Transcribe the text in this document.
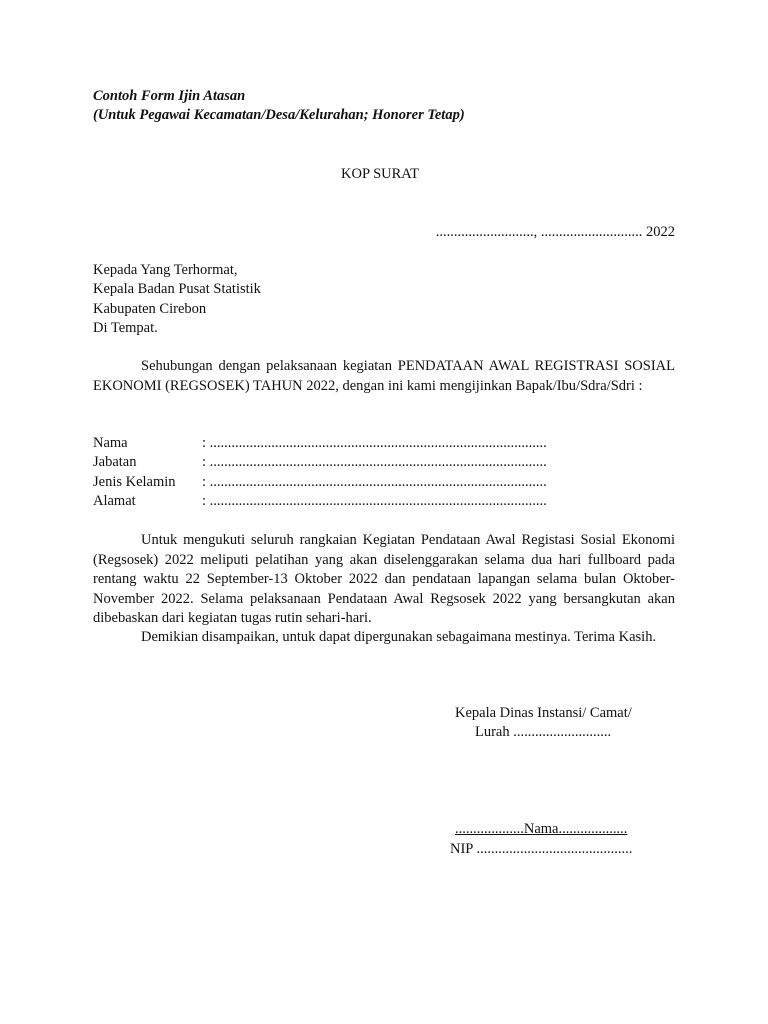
Contoh Form Ijin Atasan
(Untuk Pegawai Kecamatan/Desa/Kelurahan; Honorer Tetap)
KOP SURAT
..........................., ............................ 2022
Kepada Yang Terhormat,
Kepala Badan Pusat Statistik
Kabupaten Cirebon
Di Tempat.
Sehubungan dengan pelaksanaan kegiatan PENDATAAN AWAL REGISTRASI SOSIAL EKONOMI (REGSOSEK) TAHUN 2022, dengan ini kami mengijinkan Bapak/Ibu/Sdra/Sdri :
Nama	: .............................................................................................
Jabatan	: .............................................................................................
Jenis Kelamin : .............................................................................................
Alamat	: .............................................................................................
Untuk mengukuti seluruh rangkaian Kegiatan Pendataan Awal Registasi Sosial Ekonomi (Regsosek) 2022 meliputi pelatihan yang akan diselenggarakan selama dua hari fullboard pada rentang waktu 22 September-13 Oktober 2022 dan pendataan lapangan selama bulan Oktober-November 2022. Selama pelaksanaan Pendataan Awal Regsosek 2022 yang bersangkutan akan dibebaskan dari kegiatan tugas rutin sehari-hari.
Demikian disampaikan, untuk dapat dipergunakan sebagaimana mestinya. Terima Kasih.
Kepala Dinas Instansi/ Camat/
Lurah ...........................
...................Nama...................
NIP ...........................................
